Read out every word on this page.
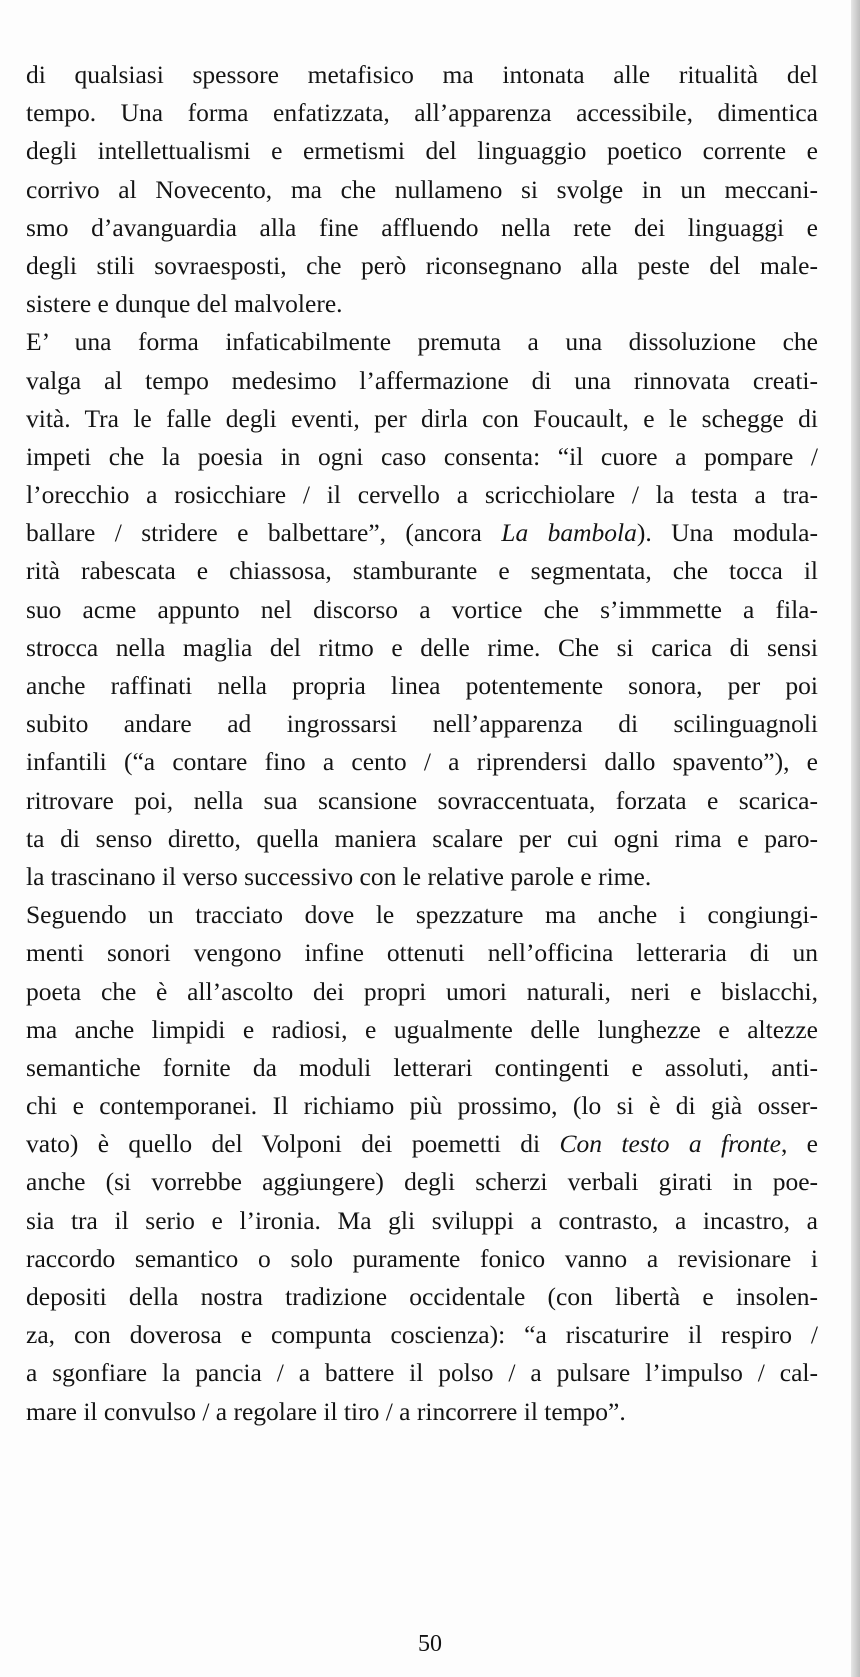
di qualsiasi spessore metafisico ma intonata alle ritualità del
tempo. Una forma enfatizzata, all’apparenza accessibile, dimentica
degli intellettualismi e ermetismi del linguaggio poetico corrente e
corrivo al Novecento, ma che nullameno si svolge in un meccani-
smo d’avanguardia alla fine affluendo nella rete dei linguaggi e
degli stili sovraesposti, che però riconsegnano alla peste del male-
sistere e dunque del malvolere.

E’ una forma infaticabilmente premuta a una dissoluzione che
valga al tempo medesimo l’affermazione di una rinnovata creati-
vità. Tra le falle degli eventi, per dirla con Foucault, e le schegge di
impeti che la poesia in ogni caso consenta: “il cuore a pompare /
l’orecchio a rosicchiare / il cervello a scricchiolare / la testa a tra-
ballare / stridere e balbettare”, (ancora La bambola). Una modula-
rità rabescata e chiassosa, stamburante e segmentata, che tocca il
suo acme appunto nel discorso a vortice che s’immmette a fila-
strocca nella maglia del ritmo e delle rime. Che si carica di sensi
anche raffinati nella propria linea potentemente sonora, per poi
subito andare ad ingrossarsi nell’apparenza di scilinguagnoli
infantili (“a contare fino a cento / a riprendersi dallo spavento”), e
ritrovare poi, nella sua scansione sovraccentuata, forzata e scarica-
ta di senso diretto, quella maniera scalare per cui ogni rima e paro-
la trascinano il verso successivo con le relative parole e rime.

Seguendo un tracciato dove le spezzature ma anche i congiungi-
menti sonori vengono infine ottenuti nell’officina letteraria di un
poeta che è all’ascolto dei propri umori naturali, neri e bislacchi,
ma anche limpidi e radiosi, e ugualmente delle lunghezze e altezze
semantiche fornite da moduli letterari contingenti e assoluti, anti-
chi e contemporanei. Il richiamo più prossimo, (lo si è di già osser-
vato) è quello del Volponi dei poemetti di Con testo a fronte, e
anche (si vorrebbe aggiungere) degli scherzi verbali girati in poe-
sia tra il serio e l’ironia. Ma gli sviluppi a contrasto, a incastro, a
raccordo semantico o solo puramente fonico vanno a revisionare i
depositi della nostra tradizione occidentale (con libertà e insolen-
za, con doverosa e compunta coscienza): “a riscaturire il respiro /
a sgonfiare la pancia / a battere il polso / a pulsare l’impulso / cal-
mare il convulso / a regolare il tiro / a rincorrere il tempo”.

50
